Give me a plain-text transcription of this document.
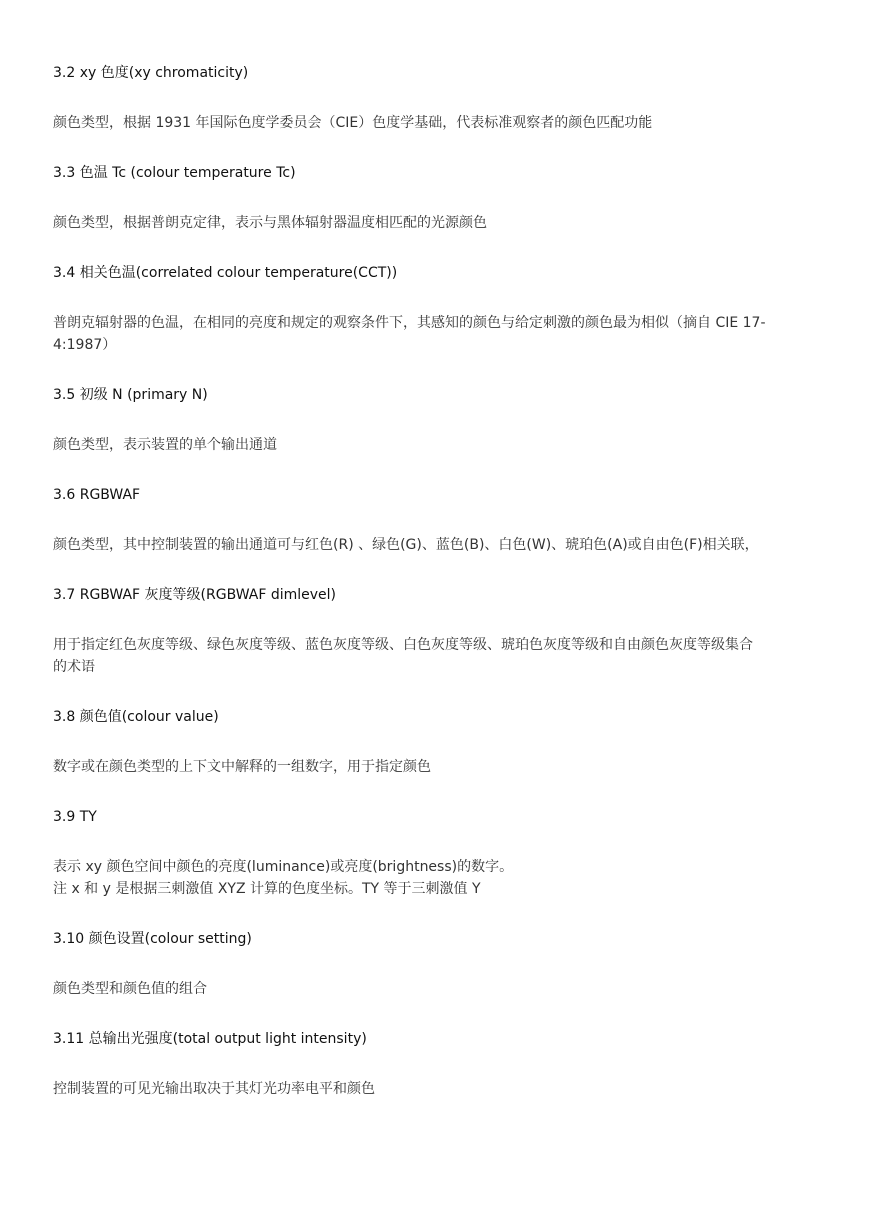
3.2 xy 色度(xy chromaticity)
颜色类型，根据 1931 年国际色度学委员会（CIE）色度学基础，代表标准观察者的颜色匹配功能
3.3 色温 Tc (colour temperature Tc)
颜色类型，根据普朗克定律，表示与黑体辐射器温度相匹配的光源颜色
3.4 相关色温(correlated colour temperature(CCT))
普朗克辐射器的色温，在相同的亮度和规定的观察条件下，其感知的颜色与给定刺激的颜色最为相似（摘自 CIE 17-
4:1987）
3.5 初级 N (primary N)
颜色类型，表示装置的单个输出通道
3.6 RGBWAF
颜色类型，其中控制装置的输出通道可与红色(R) 、绿色(G)、蓝色(B)、白色(W)、琥珀色(A)或自由色(F)相关联，
3.7 RGBWAF 灰度等级(RGBWAF dimlevel)
用于指定红色灰度等级、绿色灰度等级、蓝色灰度等级、白色灰度等级、琥珀色灰度等级和自由颜色灰度等级集合
的术语
3.8 颜色值(colour value)
数字或在颜色类型的上下文中解释的一组数字，用于指定颜色
3.9 TY
表示 xy 颜色空间中颜色的亮度(luminance)或亮度(brightness)的数字。
注 x 和 y 是根据三刺激值 XYZ 计算的色度坐标。TY 等于三刺激值 Y
3.10 颜色设置(colour setting)
颜色类型和颜色值的组合
3.11 总输出光强度(total output light intensity)
控制装置的可见光输出取决于其灯光功率电平和颜色
